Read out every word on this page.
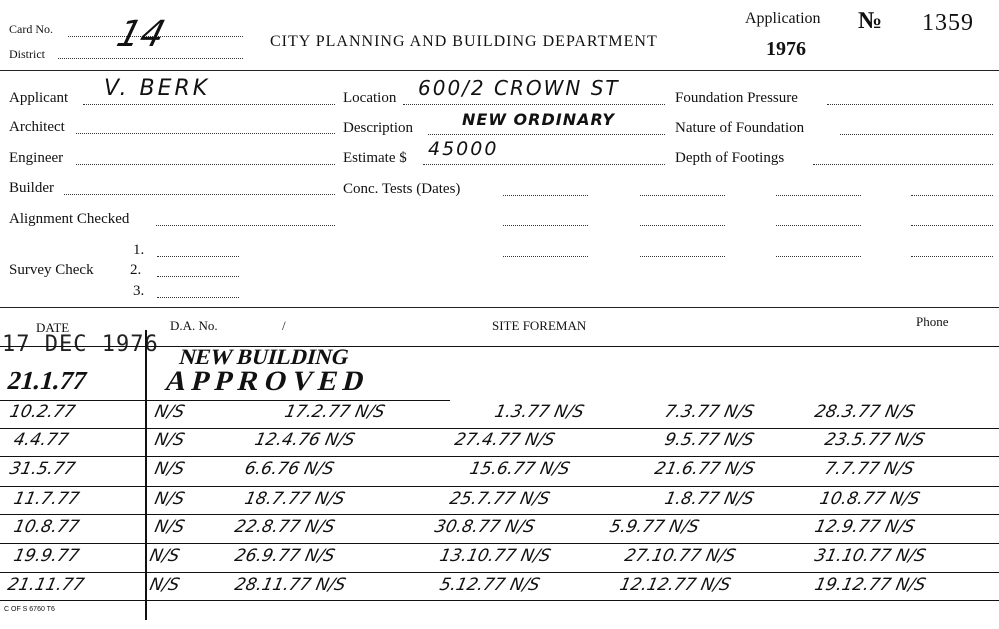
Card No.
District 14	CITY PLANNING AND BUILDING DEPARTMENT
Application
1976
№ 1359
Applicant V. BERK
Architect
Engineer
Builder
Alignment Checked
Survey Check
1.
2.
3.
Location 600/2 CROWN ST
Description	NEW ORDINARY
Estimate $ 45000
Conc. Tests (Dates)
Foundation Pressure
Nature of Foundation
Depth of Footings
DATE	D.A. No.	/	SITE FOREMAN	Phone
17 DEC 1976 NEW BUILDING
21.1.77	APPROVED
10.2.77	N/S	17.2.77 N/S	1.3.77 N/S	7.3.77 N/S	28.3.77 N/S
4.4.77	N/S	12.4.76 N/S	27.4.77 N/S	9.5.77 N/S	23.5.77 N/S
31.5.77	N/S	6.6.76 N/S	15.6.77 N/S	21.6.77 N/S	7.7.77 N/S
11.7.77	N/S	18.7.77 N/S	25.7.77 N/S	1.8.77 N/S	10.8.77 N/S
10.8.77	N/S	22.8.77 N/S	30.8.77 N/S	5.9.77 N/S	12.9.77 N/S
19.9.77	N/S	26.9.77 N/S	13.10.77 N/S	27.10.77 N/S	31.10.77 N/S
21.11.77	N/S	28.11.77 N/S	5.12.77 N/S	12.12.77 N/S	19.12.77 N/S
C OF S 6760 T6
